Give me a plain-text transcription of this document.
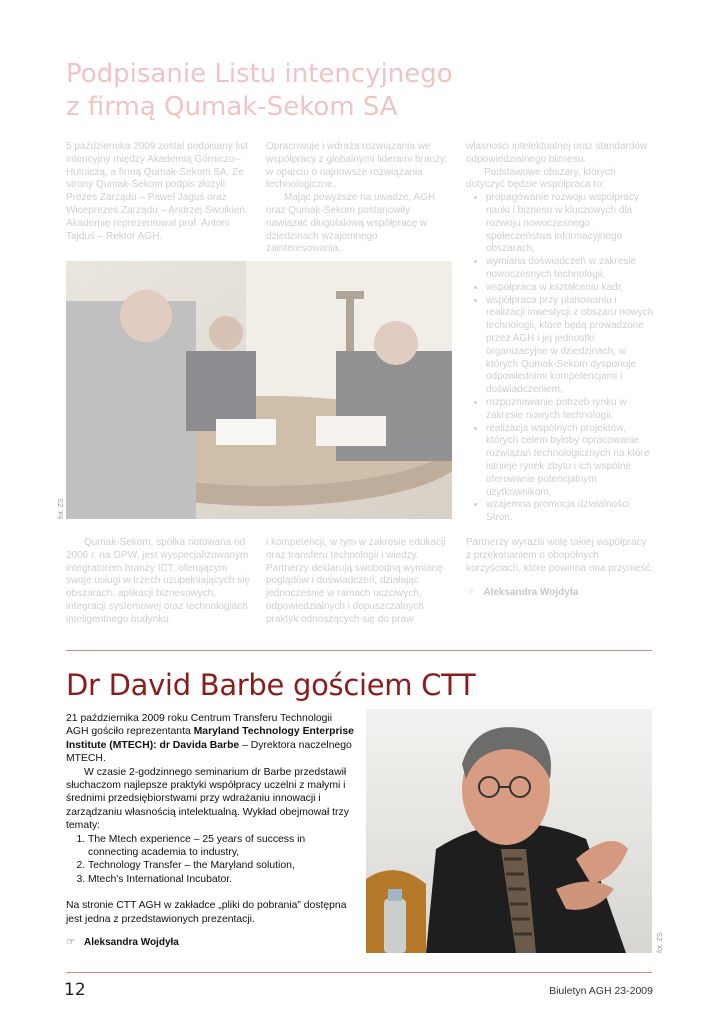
Podpisanie Listu intencyjnego
z firmą Qumak-Sekom SA

5 października 2009 zostal podpisany list intencyjny między Akademią Górniczo--Hutniczą, a firmą Qumak-Sekom SA. Ze strony Qumak-Sekom podpis złożyli Prezes Zarządu – Paweł Jaguś oraz Wiceprezes Zarządu – Andrzej Swolkień. Akademię reprezentował prof. Antoni Tajduś – Rektor AGH.

Opracowuje i wdraża rozwiązania we współpracy z globalnymi liderami branży, w oparciu o najnowsze rozwiązania technologiczne.

Mając powyższe na uwadze, AGH oraz Qumak-Sekom postanowiły nawiązać długofalową współpracę w dziedzinach wzajemnego zainteresowania.

własności intelektualnej oraz standardów odpowiedzialnego biznesu.

Podstawowe obszary, których dotyczyć będzie współpraca to:

• propagowanie rozwoju współpracy nauki i biznesu w kluczowych dla rozwoju nowoczesnego społeczeństwa informacyjnego obszarach,
• wymiana doświadczeń w zakresie nowoczesnych technologii,
• współpraca w kształceniu kadr,
• współpraca przy planowaniu i realizacji inwestycji z obszaru nowych technologii, które będą prowadzone przez AGH i jej jednostki organizacyjne w dziedzinach, w których Qumak-Sekom dysponuje odpowiednimi kompetencjami i doświadczeniem,
• rozpoznawanie potrzeb rynku w zakresie nowych technologii,
• realizacja wspólnych projektów, których celem byłoby opracowanie rozwiązań technologicznych na które istnieje rynek zbytu i ich wspólne oferowanie potencjalnym użytkownikom,
• wzajemna promocja działalności Stron.

Partnerzy wyrazili wolę takiej współpracy z przekonaniem o obopólnych korzyściach, które powinna ona przynieść.

☞ Aleksandra Wojdyła
fot. ZS

Qumak-Sekom, spółka notowana od 2006 r. na GPW, jest wyspecjalizowanym integratorem branży ICT, oferującym swoje usługi w trzech uzupełniających się obszarach: aplikacji biznesowych, integracji systemowej oraz technologiach inteligentnego budynku

i kompetencji, w tym w zakresie edukacji oraz transferu technologii i wiedzy. Partnerzy deklarują swobodną wymianę poglądów i doświadczeń, działając jednocześnie w ramach uczciwych, odpowiedzialnych i dopuszczalnych praktyk odnoszących się do praw

Dr David Barbe gościem CTT

21 października 2009 roku Centrum Transferu Technologii AGH gościło reprezentanta Maryland Technology Enterprise Institute (MTECH): dr Davida Barbe – Dyrektora naczelnego MTECH.

W czasie 2-godzinnego seminarium dr Barbe przedstawił słuchaczom najlepsze praktyki współpracy uczelni z małymi i średnimi przedsiębiorstwami przy wdrażaniu innowacji i zarządzaniu własnością intelektualną. Wykład obejmował trzy tematy:

1. The Mtech experience – 25 years of success in connecting academia to industry,
2. Technology Transfer – the Maryland solution,
3. Mtech's International Incubator.

Na stronie CTT AGH w zakładce „pliki do pobrania” dostępna jest jedna z przedstawionych prezentacji.

☞ Aleksandra Wojdyła	fot. ZS
12	Biuletyn AGH 23-2009
